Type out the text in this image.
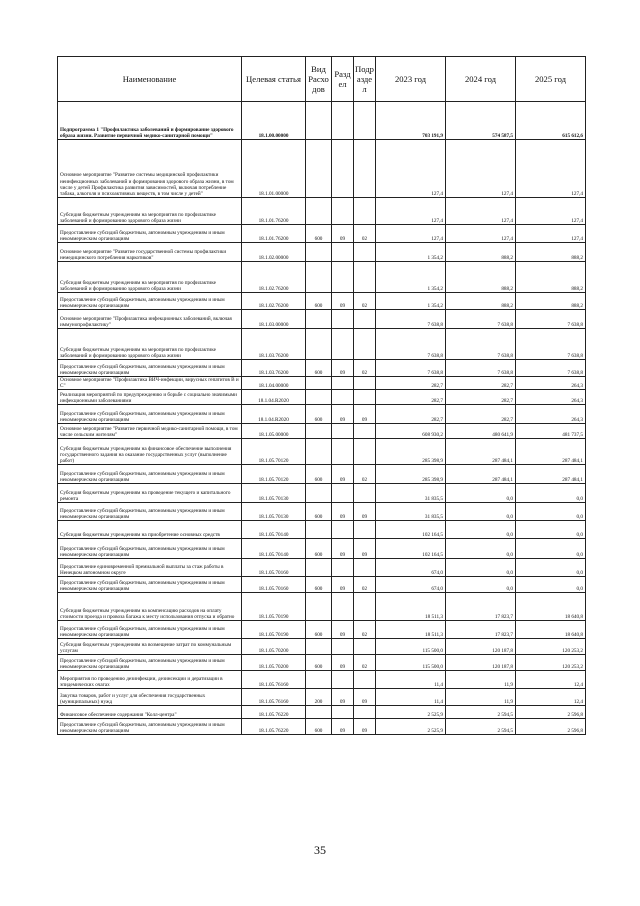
Наименование	Целевая статья	Вид Расхо дов	Разд ел	Подр азде л	2023 год	2024 год	2025 год
Подпрограмма 1 "Профилактика заболеваний и формирование здорового образа жизни. Развитие первичной медико-санитарной помощи"	18.1.00.00000				703 191,9	574 587,5	615 612,6
Основное мероприятие "Развитие системы медицинской профилактики неинфекционных заболеваний и формирования здорового образа жизни, в том числе у детей Профилактика развития зависимостей, включая потребление табака, алкоголя и психоактивных веществ, в том числе у детей"	18.1.01.00000				127,4	127,4	127,4
Субсидия бюджетным учреждениям на мероприятия по профилактике заболеваний и формированию здорового образа жизни	18.1.01.76200				127,4	127,4	127,4
Предоставление субсидий бюджетным, автономным учреждениям и иным некоммерческим организациям	18.1.01.76200	600	09	02	127,4	127,4	127,4
Основное мероприятие "Развитие государственной системы профилактики немедицинского потребления наркотиков"	18.1.02.00000				1 354,2	888,2	888,2
Субсидия бюджетным учреждениям на мероприятия по профилактике заболеваний и формированию здорового образа жизни	18.1.02.76200				1 354,2	888,2	888,2
Предоставление субсидий бюджетным, автономным учреждениям и иным некоммерческим организациям	18.1.02.76200	600	09	02	1 354,2	888,2	888,2
Основное мероприятие "Профилактика инфекционных заболеваний, включая иммунопрофилактику"	18.1.03.00000				7 638,8	7 638,8	7 638,8
Субсидия бюджетным учреждениям на мероприятия по профилактике заболеваний и формированию здорового образа жизни	18.1.03.76200				7 638,8	7 638,8	7 638,8
Предоставление субсидий бюджетным, автономным учреждениям и иным некоммерческим организациям	18.1.03.76200	600	09	02	7 638,8	7 638,8	7 638,8
Основное мероприятие "Профилактика ВИЧ-инфекции, вирусных гепатитов В и С"	18.1.04.00000				282,7	282,7	264,3
Реализация мероприятий по предупреждению и борьбе с социально значимыми инфекционными заболеваниями	18.1.04.R2020				282,7	282,7	264,3
Предоставление субсидий бюджетным, автономным учреждениям и иным некоммерческим организациям	18.1.04.R2020	600	09	09	282,7	282,7	264,3
Основное мероприятие "Развитие первичной медико-санитарной помощи, в том числе сельским жителям"	18.1.05.00000				608 930,2	480 641,9	481 737,5
Субсидия бюджетным учреждениям на финансовое обеспечение выполнения государственного задания на оказание государственных услуг (выполнение работ)	18.1.05.70120				285 398,9	287 484,1	287 484,1
Предоставление субсидий бюджетным, автономным учреждениям и иным некоммерческим организациям	18.1.05.70120	600	09	02	285 398,9	287 484,1	287 484,1
Субсидия бюджетным учреждениям на проведение текущего и капитального ремонта	18.1.05.70130				31 835,5	0,0	0,0
Предоставление субсидий бюджетным, автономным учреждениям и иным некоммерческим организациям	18.1.05.70130	600	09	09	31 835,5	0,0	0,0
Субсидия бюджетным учреждениям на приобретение основных средств	18.1.05.70140				102 164,5	0,0	0,0
Предоставление субсидий бюджетным, автономным учреждениям и иным некоммерческим организациям	18.1.05.70140	600	09	09	102 164,5	0,0	0,0
Предоставление единовременной премиальной выплаты за стаж работы в Ненецком автономном округе	18.1.05.70160				674,0	0,0	0,0
Предоставление субсидий бюджетным, автономным учреждениям и иным некоммерческим организациям	18.1.05.70160	600	09	02	674,0	0,0	0,0
Субсидия бюджетным учреждениям на компенсацию расходов на оплату стоимости проезда и провоза багажа к месту использования отпуска и обратно	18.1.05.70190				18 511,3	17 823,7	18 640,8
Предоставление субсидий бюджетным, автономным учреждениям и иным некоммерческим организациям	18.1.05.70190	600	09	02	18 511,3	17 823,7	18 640,8
Субсидия бюджетным учреждениям на возмещение затрат по коммунальным услугам	18.1.05.70200				115 500,0	120 187,8	120 253,2
Предоставление субсидий бюджетным, автономным учреждениям и иным некоммерческим организациям	18.1.05.70200	600	09	02	115 500,0	120 187,8	120 253,2
Мероприятия по проведению дезинфекции, дезинсекции и дератизации в эпидемических очагах	18.1.05.76160				11,4	11,9	12,4
Закупка товаров, работ и услуг для обеспечения государственных (муниципальных) нужд	18.1.05.76160	200	09	09	11,4	11,9	12,4
Финансовое обеспечение содержания "Колл-центра"	18.1.05.76220				2 525,9	2 594,5	2 596,8
Предоставление субсидий бюджетным, автономным учреждениям и иным некоммерческим организациям	18.1.05.76220	600	09	09	2 525,9	2 594,5	2 596,8
35
